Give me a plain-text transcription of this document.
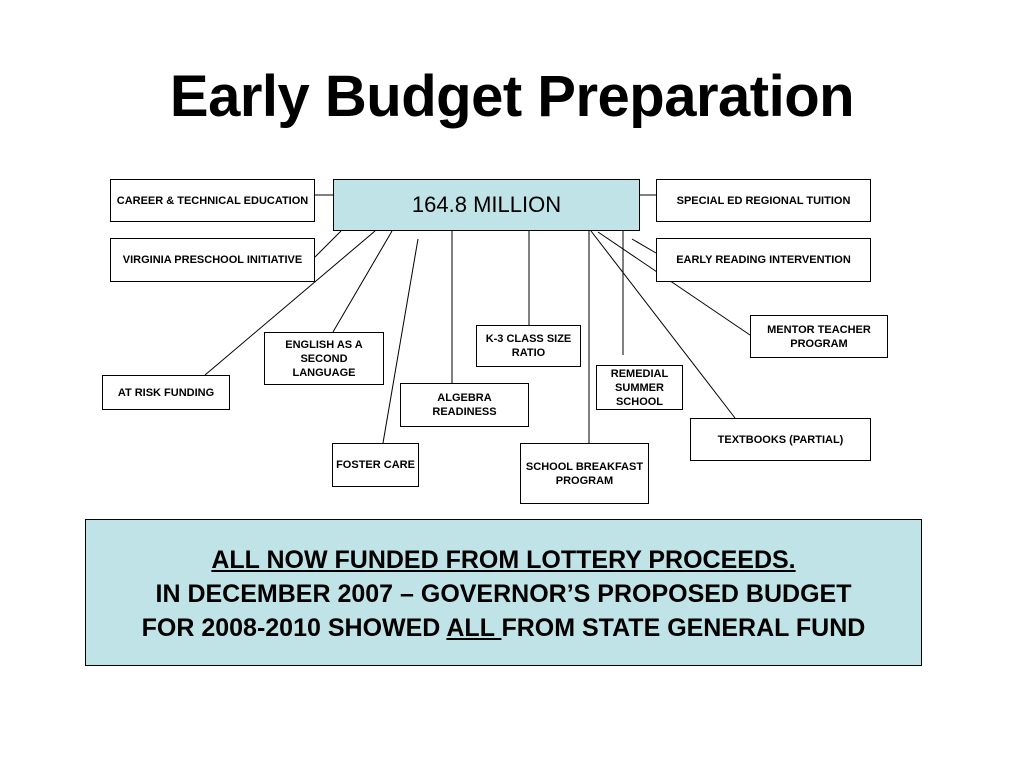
Early Budget Preparation
164.8 MILLION
CAREER & TECHNICAL EDUCATION
VIRGINIA PRESCHOOL INITIATIVE
SPECIAL ED REGIONAL TUITION
EARLY READING INTERVENTION
MENTOR TEACHER PROGRAM
ENGLISH AS A SECOND LANGUAGE
K-3 CLASS SIZE RATIO
AT RISK FUNDING	ALGEBRA READINESS
REMEDIAL SUMMER SCHOOL
TEXTBOOKS (PARTIAL)
FOSTER CARE	SCHOOL BREAKFAST PROGRAM
ALL NOW FUNDED FROM LOTTERY PROCEEDS.
IN DECEMBER 2007 – GOVERNOR’S PROPOSED BUDGET
FOR 2008-2010 SHOWED ALL FROM STATE GENERAL FUND
